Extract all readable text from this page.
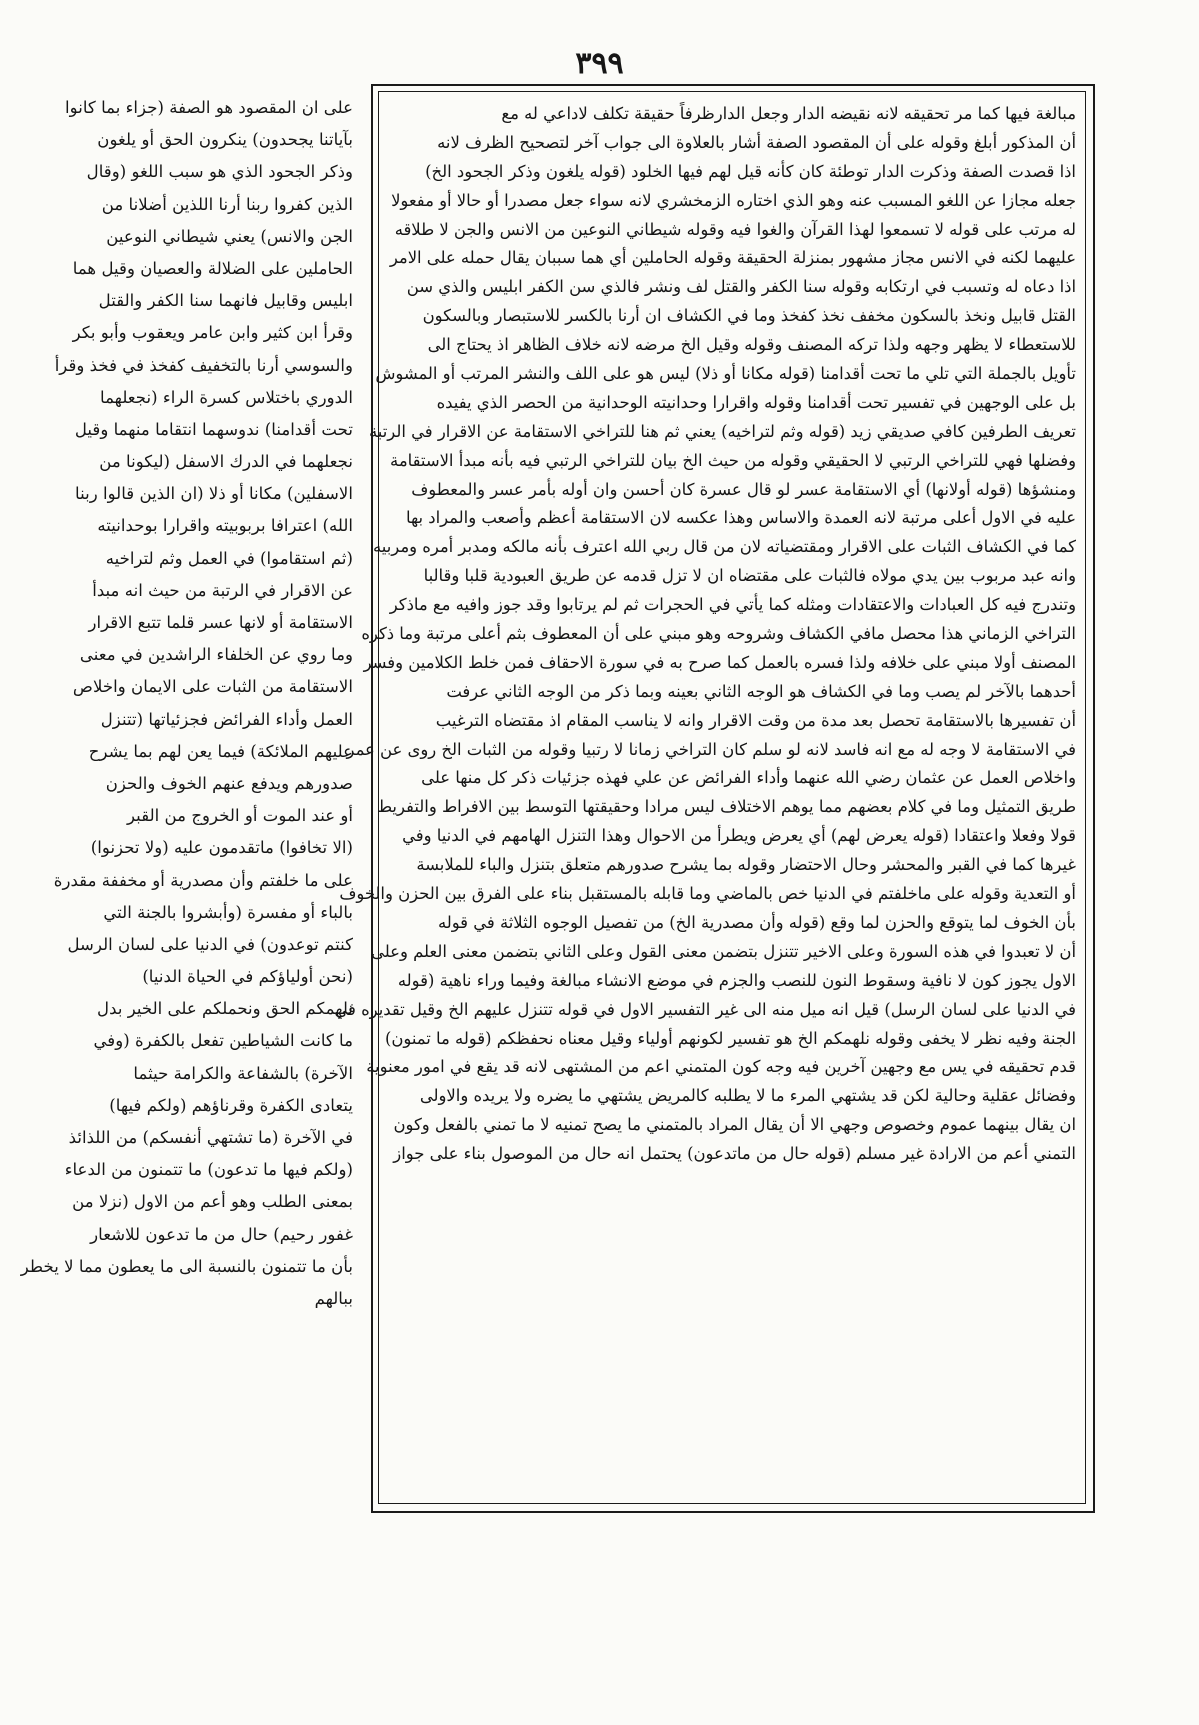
٣٩٩
مبالغة فيها كما مر تحقيقه لانه نقيضه الدار وجعل الدارظرفاً حقيقة تكلف لاداعي له مع
أن المذكور أبلغ وقوله على أن المقصود الصفة أشار بالعلاوة الى جواب آخر لتصحيح الظرف لانه
اذا قصدت الصفة وذكرت الدار توطئة كان كأنه قيل لهم فيها الخلود (قوله يلغون وذكر الجحود الخ)
جعله مجازا عن اللغو المسبب عنه وهو الذي اختاره الزمخشري لانه سواء جعل مصدرا أو حالا أو مفعولا
له مرتب على قوله لا تسمعوا لهذا القرآن والغوا فيه وقوله شيطاني النوعين من الانس والجن لا طلاقه
عليهما لكنه في الانس مجاز مشهور بمنزلة الحقيقة وقوله الحاملين أي هما سببان يقال حمله على الامر
اذا دعاه له وتسبب في ارتكابه وقوله سنا الكفر والقتل لف ونشر فالذي سن الكفر ابليس والذي سن
القتل قابيل ونخذ بالسكون مخفف نخذ كفخذ وما في الكشاف ان أرنا بالكسر للاستبصار وبالسكون
للاستعطاء لا يظهر وجهه ولذا تركه المصنف وقوله وقيل الخ مرضه لانه خلاف الظاهر اذ يحتاج الى
تأويل بالجملة التي تلي ما تحت أقدامنا (قوله مكانا أو ذلا) ليس هو على اللف والنشر المرتب أو المشوش
بل على الوجهين في تفسير تحت أقدامنا وقوله واقرارا وحدانيته الوحدانية من الحصر الذي يفيده
تعريف الطرفين كافي صديقي زيد (قوله وثم لتراخيه) يعني ثم هنا للتراخي الاستقامة عن الاقرار في الرتبة
وفضلها فهي للتراخي الرتبي لا الحقيقي وقوله من حيث الخ بيان للتراخي الرتبي فيه بأنه مبدأ الاستقامة
ومنشؤها (قوله أولانها) أي الاستقامة عسر لو قال عسرة كان أحسن وان أوله بأمر عسر والمعطوف
عليه في الاول أعلى مرتبة لانه العمدة والاساس وهذا عكسه لان الاستقامة أعظم وأصعب والمراد بها
كما في الكشاف الثبات على الاقرار ومقتضياته لان من قال ربي الله اعترف بأنه مالكه ومدبر أمره ومربيه
وانه عبد مربوب بين يدي مولاه فالثبات على مقتضاه ان لا تزل قدمه عن طريق العبودية قلبا وقالبا
وتندرج فيه كل العبادات والاعتقادات ومثله كما يأتي في الحجرات ثم لم يرتابوا وقد جوز وافيه مع ماذكر
التراخي الزماني هذا محصل مافي الكشاف وشروحه وهو مبني على أن المعطوف بثم أعلى مرتبة وما ذكره
المصنف أولا مبني على خلافه ولذا فسره بالعمل كما صرح به في سورة الاحقاف فمن خلط الكلامين وفسر
أحدهما بالآخر لم يصب وما في الكشاف هو الوجه الثاني بعينه وبما ذكر من الوجه الثاني عرفت
أن تفسيرها بالاستقامة تحصل بعد مدة من وقت الاقرار وانه لا يناسب المقام اذ مقتضاه الترغيب
في الاستقامة لا وجه له مع انه فاسد لانه لو سلم كان التراخي زمانا لا رتبيا وقوله من الثبات الخ روى عن عمر
واخلاص العمل عن عثمان رضي الله عنهما وأداء الفرائض عن علي فهذه جزئيات ذكر كل منها على
طريق التمثيل وما في كلام بعضهم مما يوهم الاختلاف ليس مرادا وحقيقتها التوسط بين الافراط والتفريط
قولا وفعلا واعتقادا (قوله يعرض لهم) أي يعرض ويطرأ من الاحوال وهذا التنزل الهامهم في الدنيا وفي
غيرها كما في القبر والمحشر وحال الاحتضار وقوله بما يشرح صدورهم متعلق بتنزل والباء للملابسة
أو التعدية وقوله على ماخلفتم في الدنيا خص بالماضي وما قابله بالمستقبل بناء على الفرق بين الحزن والخوف
بأن الخوف لما يتوقع والحزن لما وقع (قوله وأن مصدرية الخ) من تفصيل الوجوه الثلاثة في قوله
أن لا تعبدوا في هذه السورة وعلى الاخير تتنزل بتضمن معنى القول وعلى الثاني بتضمن معنى العلم وعلى
الاول يجوز كون لا نافية وسقوط النون للنصب والجزم في موضع الانشاء مبالغة وفيما وراء ناهية (قوله
في الدنيا على لسان الرسل) قيل انه ميل منه الى غير التفسير الاول في قوله تتنزل عليهم الخ وقيل تقديره في
الجنة وفيه نظر لا يخفى وقوله نلهمكم الخ هو تفسير لكونهم أولياء وقيل معناه نحفظكم (قوله ما تمنون)
قدم تحقيقه في يس مع وجهين آخرين فيه وجه كون المتمني اعم من المشتهى لانه قد يقع في امور معنوية
وفضائل عقلية وحالية لكن قد يشتهي المرء ما لا يطلبه كالمريض يشتهي ما يضره ولا يريده والاولى
ان يقال بينهما عموم وخصوص وجهي الا أن يقال المراد بالمتمني ما يصح تمنيه لا ما تمني بالفعل وكون
التمني أعم من الارادة غير مسلم (قوله حال من ماتدعون) يحتمل انه حال من الموصول بناء على جواز
على ان المقصود هو الصفة (جزاء بما كانوا
بآياتنا يجحدون) ينكرون الحق أو يلغون
وذكر الجحود الذي هو سبب اللغو (وقال
الذين كفروا ربنا أرنا اللذين أضلانا من
الجن والانس) يعني شيطاني النوعين
الحاملين على الضلالة والعصيان وقيل هما
ابليس وقابيل فانهما سنا الكفر والقتل
وقرأ ابن كثير وابن عامر ويعقوب وأبو بكر
والسوسي أرنا بالتخفيف كفخذ في فخذ وقرأ
الدوري باختلاس كسرة الراء (نجعلهما
تحت أقدامنا) ندوسهما انتقاما منهما وقيل
نجعلهما في الدرك الاسفل (ليكونا من
الاسفلين) مكانا أو ذلا (ان الذين قالوا ربنا
الله) اعترافا بربوبيته واقرارا بوحدانيته
(ثم استقاموا) في العمل وثم لتراخيه
عن الاقرار في الرتبة من حيث انه مبدأ
الاستقامة أو لانها عسر قلما تتبع الاقرار
وما روي عن الخلفاء الراشدين في معنى
الاستقامة من الثبات على الايمان واخلاص
العمل وأداء الفرائض فجزئياتها (تتنزل
عليهم الملائكة) فيما يعن لهم بما يشرح
صدورهم ويدفع عنهم الخوف والحزن
أو عند الموت أو الخروج من القبر
(الا تخافوا) ماتقدمون عليه (ولا تحزنوا)
على ما خلفتم وأن مصدرية أو مخففة مقدرة
بالباء أو مفسرة (وأبشروا بالجنة التي
كنتم توعدون) في الدنيا على لسان الرسل
(نحن أولياؤكم في الحياة الدنيا)
نلهمكم الحق ونحملكم على الخير بدل
ما كانت الشياطين تفعل بالكفرة (وفي
الآخرة) بالشفاعة والكرامة حيثما
يتعادى الكفرة وقرناؤهم (ولكم فيها)
في الآخرة (ما تشتهي أنفسكم) من اللذائذ
(ولكم فيها ما تدعون) ما تتمنون من الدعاء
بمعنى الطلب وهو أعم من الاول (نزلا من
غفور رحيم) حال من ما تدعون للاشعار
بأن ما تتمنون بالنسبة الى ما يعطون مما لا يخطر
ببالهم
